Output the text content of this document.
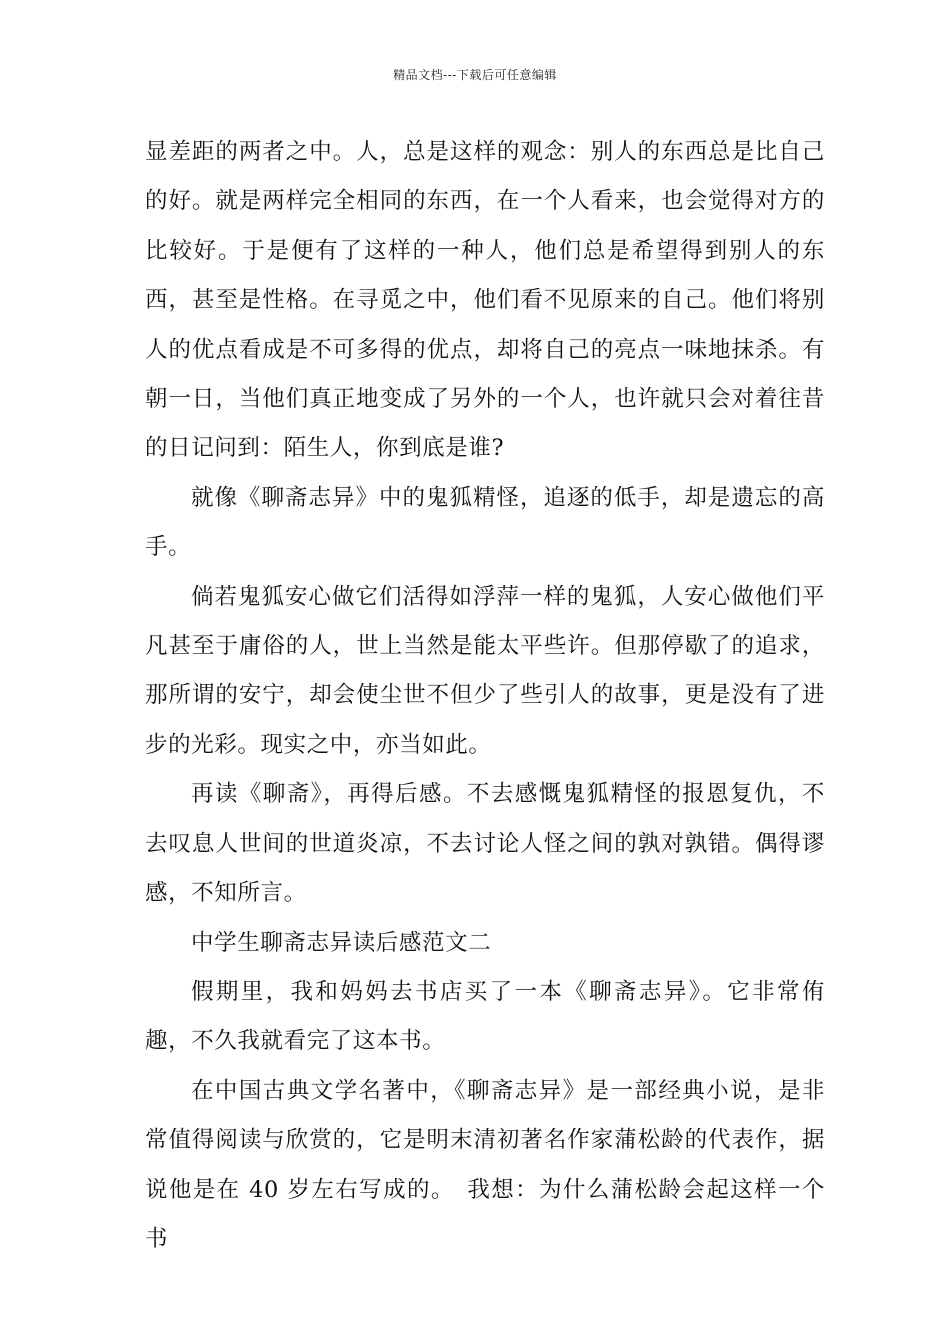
精品文档---下载后可任意编辑

显差距的两者之中。人，总是这样的观念：别人的东西总是比自己的好。就是两样完全相同的东西，在一个人看来，也会觉得对方的比较好。于是便有了这样的一种人，他们总是希望得到别人的东西，甚至是性格。在寻觅之中，他们看不见原来的自己。他们将别人的优点看成是不可多得的优点，却将自己的亮点一味地抹杀。有朝一日，当他们真正地变成了另外的一个人，也许就只会对着往昔的日记问到：陌生人，你到底是谁?

就像《聊斋志异》中的鬼狐精怪，追逐的低手，却是遗忘的高手。

倘若鬼狐安心做它们活得如浮萍一样的鬼狐，人安心做他们平凡甚至于庸俗的人，世上当然是能太平些许。但那停歇了的追求，那所谓的安宁，却会使尘世不但少了些引人的故事，更是没有了进步的光彩。现实之中，亦当如此。

再读《聊斋》，再得后感。不去感慨鬼狐精怪的报恩复仇，不去叹息人世间的世道炎凉，不去讨论人怪之间的孰对孰错。偶得谬感，不知所言。

中学生聊斋志异读后感范文二

假期里，我和妈妈去书店买了一本《聊斋志异》。它非常侑趣，不久我就看完了这本书。

在中国古典文学名著中，《聊斋志异》是一部经典小说，是非常值得阅读与欣赏的，它是明末清初著名作家蒲松龄的代表作，据说他是在 40 岁左右写成的。　我想：为什么蒲松龄会起这样一个书
